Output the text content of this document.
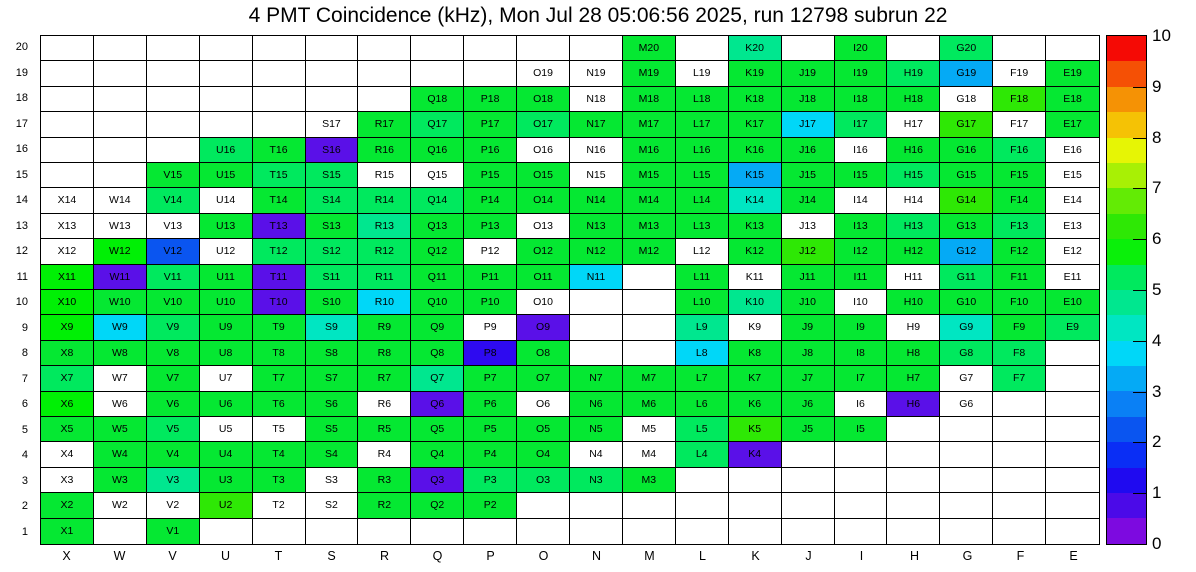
4 PMT Coincidence (kHz), Mon Jul 28 05:06:56 2025, run 12798 subrun 22
20
19
18
17
16
15
14
13
12
11
10
9
8
7
6
5
4
3
2
1
M20	K20	I20	G20
O19	N19	M19	L19	K19	J19	I19	H19	G19	F19	E19
Q18	P18	O18	N18	M18	L18	K18	J18	I18	H18	G18	F18	E18
S17	R17	Q17	P17	O17	N17	M17	L17	K17	J17	I17	H17	G17	F17	E17
U16	T16	S16	R16	Q16	P16	O16	N16	M16	L16	K16	J16	I16	H16	G16	F16	E16
V15	U15	T15	S15	R15	Q15	P15	O15	N15	M15	L15	K15	J15	I15	H15	G15	F15	E15
X14	W14	V14	U14	T14	S14	R14	Q14	P14	O14	N14	M14	L14	K14	J14	I14	H14	G14	F14	E14
X13	W13	V13	U13	T13	S13	R13	Q13	P13	O13	N13	M13	L13	K13	J13	I13	H13	G13	F13	E13
X12	W12	V12	U12	T12	S12	R12	Q12	P12	O12	N12	M12	L12	K12	J12	I12	H12	G12	F12	E12
X11	W11	V11	U11	T11	S11	R11	Q11	P11	O11	N11	L11	K11	J11	I11	H11	G11	F11	E11
X10	W10	V10	U10	T10	S10	R10	Q10	P10	O10	L10	K10	J10	I10	H10	G10	F10	E10
X9	W9	V9	U9	T9	S9	R9	Q9	P9	O9	L9	K9	J9	I9	H9	G9	F9	E9
X8	W8	V8	U8	T8	S8	R8	Q8	P8	O8	L8	K8	J8	I8	H8	G8	F8
X7	W7	V7	U7	T7	S7	R7	Q7	P7	O7	N7	M7	L7	K7	J7	I7	H7	G7	F7
X6	W6	V6	U6	T6	S6	R6	Q6	P6	O6	N6	M6	L6	K6	J6	I6	H6	G6
X5	W5	V5	U5	T5	S5	R5	Q5	P5	O5	N5	M5	L5	K5	J5	I5
X4	W4	V4	U4	T4	S4	R4	Q4	P4	O4	N4	M4	L4	K4
X3	W3	V3	U3	T3	S3	R3	Q3	P3	O3	N3	M3
X2	W2	V2	U2	T2	S2	R2	Q2	P2
X1	V1
X	W	V	U	T	S	R	Q	P	O	N	M	L	K	J	I	H	G	F	E
0
1
2
3
4
5
6
7
8
9
10
